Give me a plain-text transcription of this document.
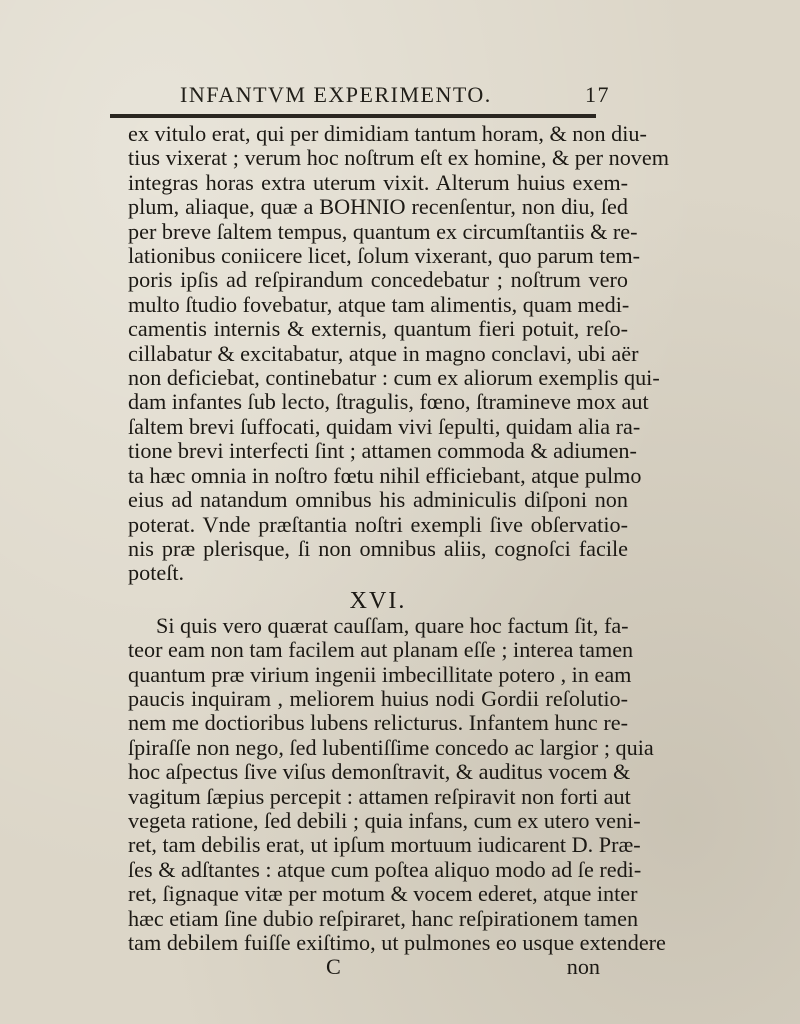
INFANTVM EXPERIMENTO.	17
ex vitulo erat, qui per dimidiam tantum horam, & non diu-
tius vixerat ; verum hoc noſtrum eſt ex homine, & per novem
integras horas extra uterum vixit. Alterum huius exem-
plum, aliaque, quæ a BOHNIO recenſentur, non diu, ſed
per breve ſaltem tempus, quantum ex circumſtantiis & re-
lationibus coniicere licet, ſolum vixerant, quo parum tem-
poris ipſis ad reſpirandum concedebatur ; noſtrum vero
multo ſtudio fovebatur, atque tam alimentis, quam medi-
camentis internis & externis, quantum fieri potuit, reſo-
cillabatur & excitabatur, atque in magno conclavi, ubi aër
non deficiebat, continebatur : cum ex aliorum exemplis qui-
dam infantes ſub lecto, ſtragulis, fœno, ſtramineve mox aut
ſaltem brevi ſuffocati, quidam vivi ſepulti, quidam alia ra-
tione brevi interfecti ſint ; attamen commoda & adiumen-
ta hæc omnia in noſtro fœtu nihil efficiebant, atque pulmo
eius ad natandum omnibus his adminiculis diſponi non
poterat. Vnde præſtantia noſtri exempli ſive obſervatio-
nis præ plerisque, ſi non omnibus aliis, cognoſci facile
poteſt.
XVI.
Si quis vero quærat cauſſam, quare hoc factum ſit, fa-
teor eam non tam facilem aut planam eſſe ; interea tamen
quantum præ virium ingenii imbecillitate potero , in eam
paucis inquiram , meliorem huius nodi Gordii reſolutio-
nem me doctioribus lubens relicturus. Infantem hunc re-
ſpiraſſe non nego, ſed lubentiſſime concedo ac largior ; quia
hoc aſpectus ſive viſus demonſtravit, & auditus vocem &
vagitum ſæpius percepit : attamen reſpiravit non forti aut
vegeta ratione, ſed debili ; quia infans, cum ex utero veni-
ret, tam debilis erat, ut ipſum mortuum iudicarent D. Præ-
ſes & adſtantes : atque cum poſtea aliquo modo ad ſe redi-
ret, ſignaque vitæ per motum & vocem ederet, atque inter
hæc etiam ſine dubio reſpiraret, hanc reſpirationem tamen
tam debilem fuiſſe exiſtimo, ut pulmones eo usque extendere
C	non
